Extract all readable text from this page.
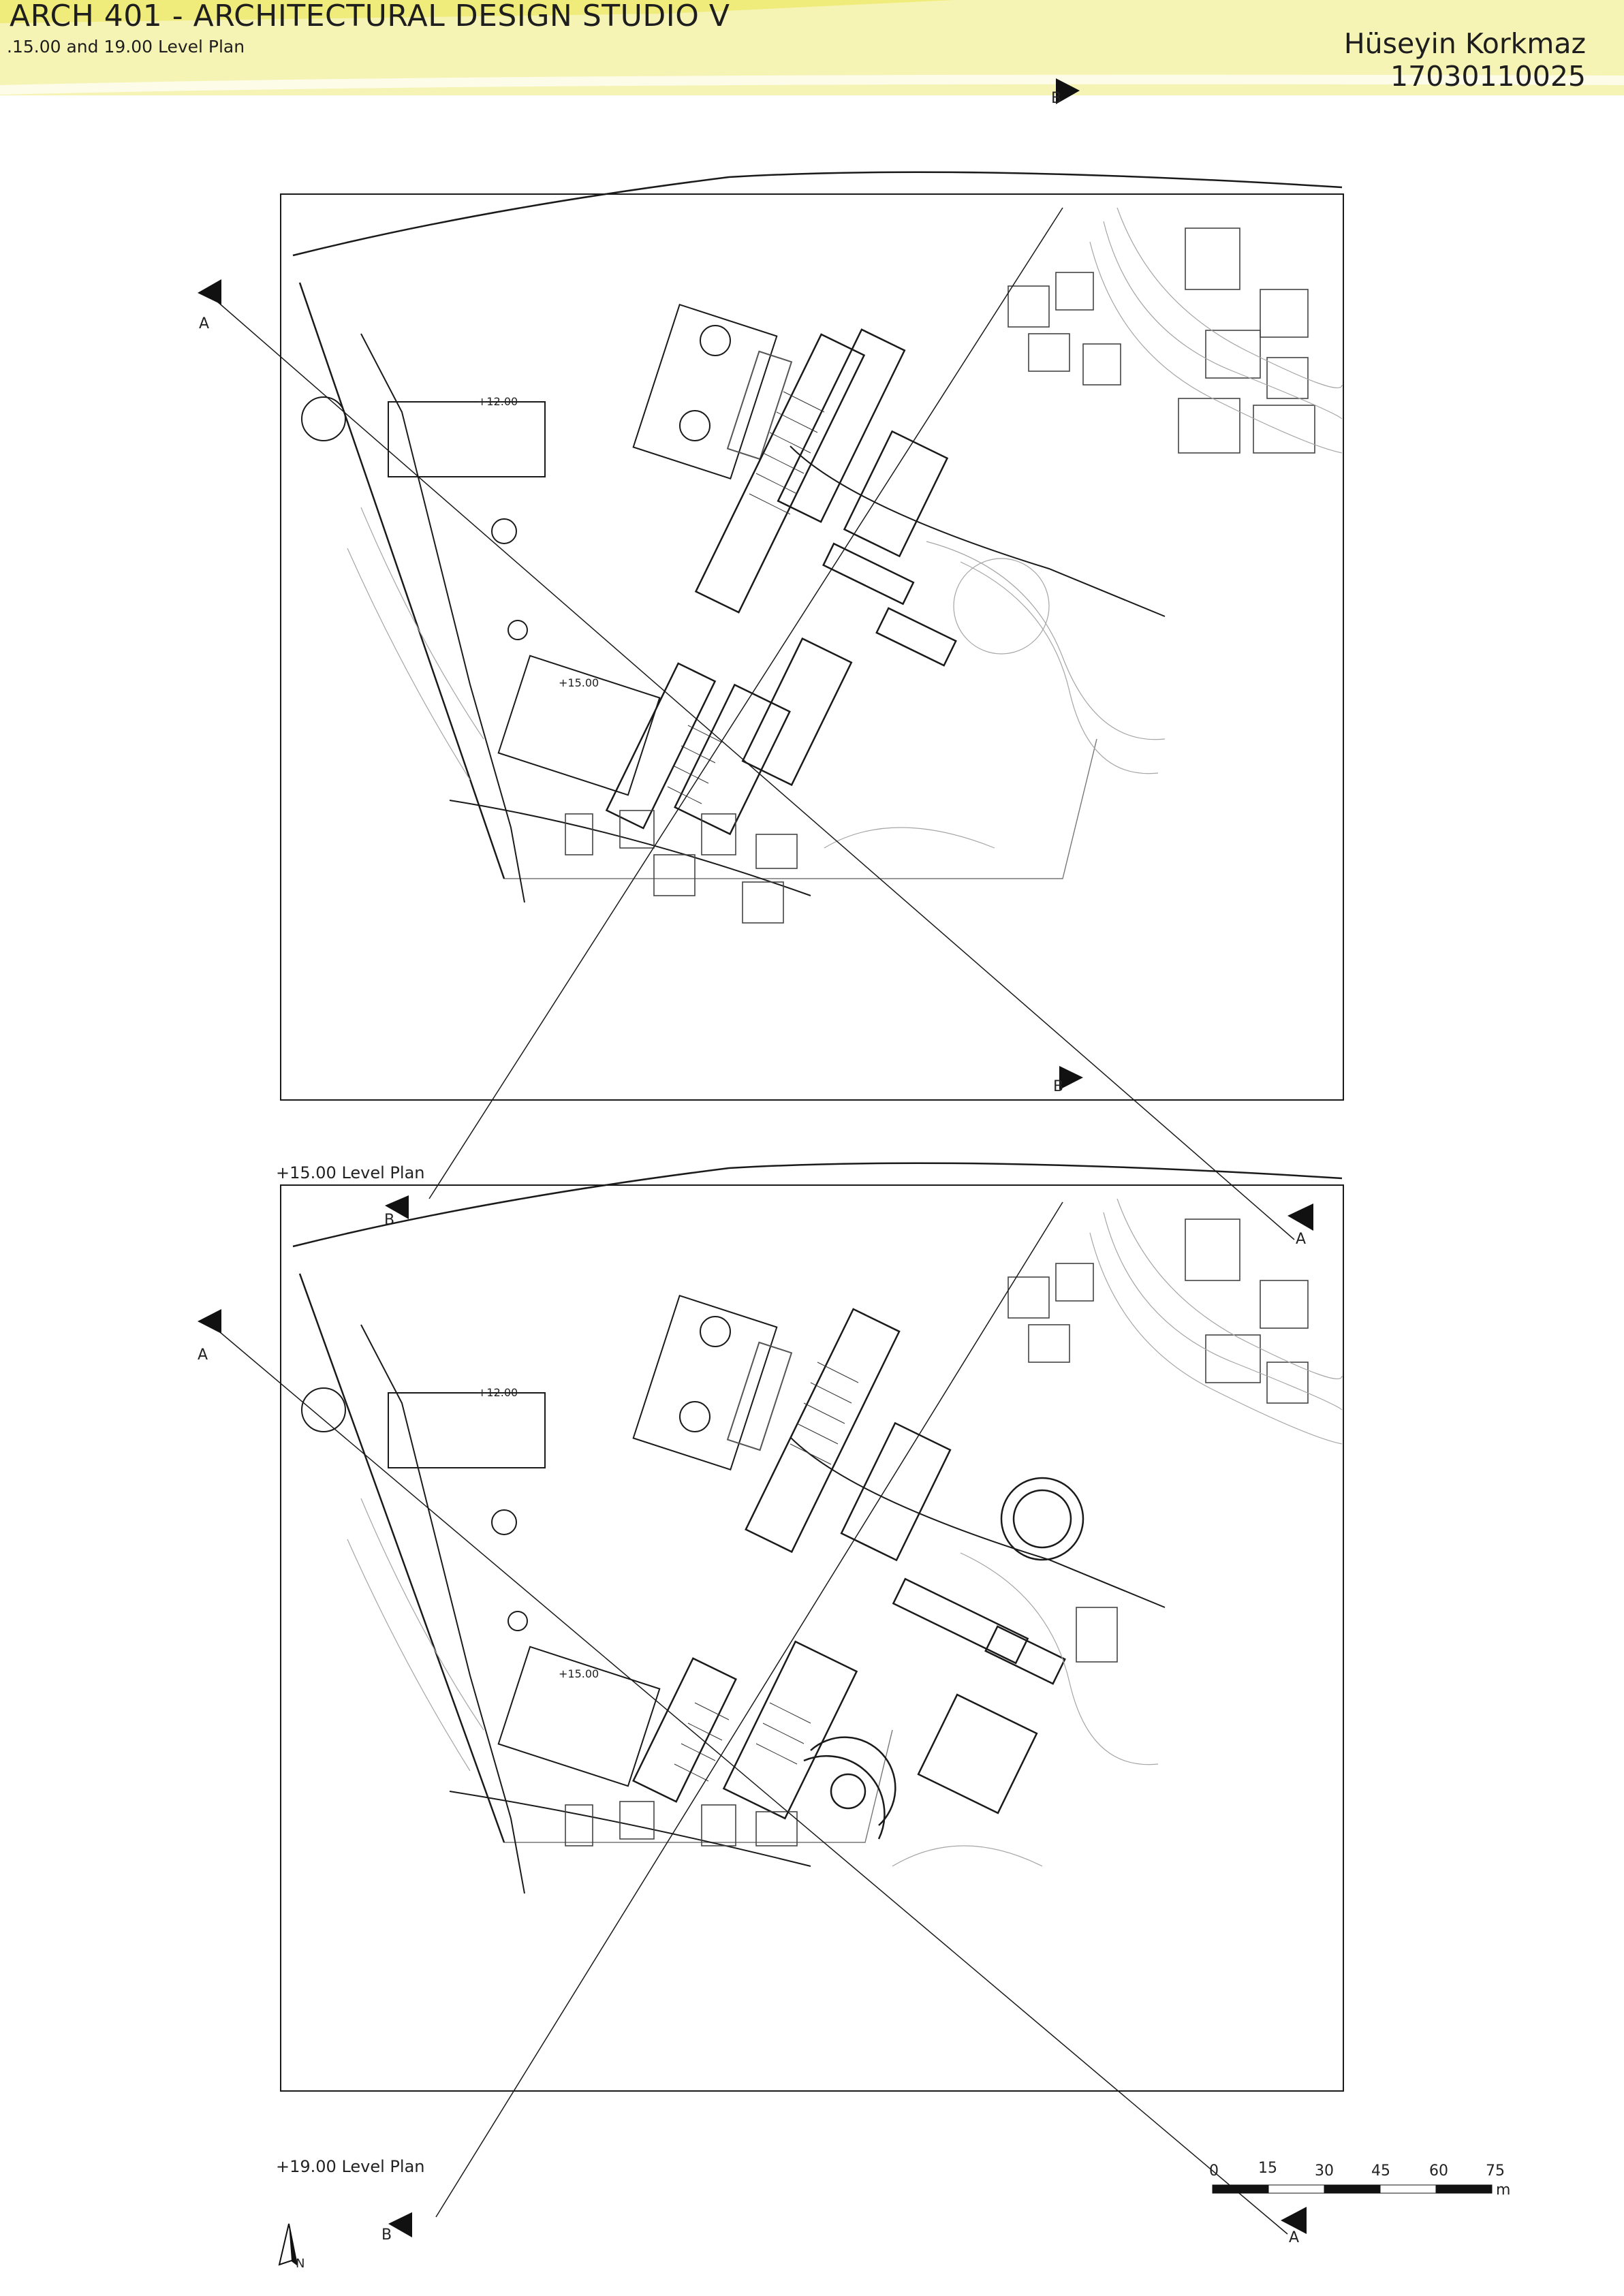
ARCH 401 - ARCHITECTURAL DESIGN STUDIO V
.15.00 and 19.00 Level Plan	Hüseyin Korkmaz
17030110025
+12.00
+15.00
A
A
B
B
+12.00
+15.00
A
A
B
B
+15.00 Level Plan
+19.00 Level Plan	0	15	30	45	60	75
m
N
